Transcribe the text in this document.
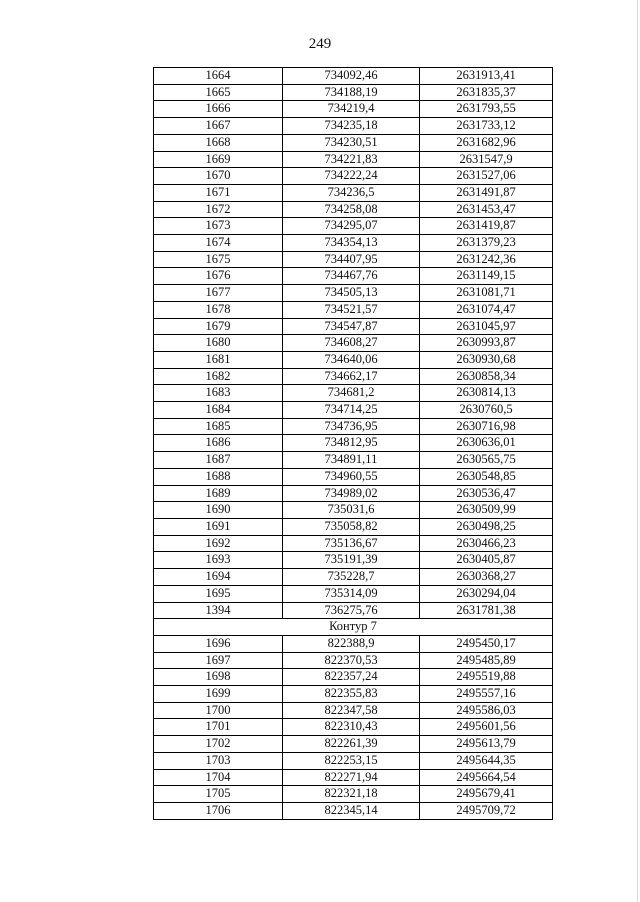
249
1664	734092,46	2631913,41
1665	734188,19	2631835,37
1666	734219,4	2631793,55
1667	734235,18	2631733,12
1668	734230,51	2631682,96
1669	734221,83	2631547,9
1670	734222,24	2631527,06
1671	734236,5	2631491,87
1672	734258,08	2631453,47
1673	734295,07	2631419,87
1674	734354,13	2631379,23
1675	734407,95	2631242,36
1676	734467,76	2631149,15
1677	734505,13	2631081,71
1678	734521,57	2631074,47
1679	734547,87	2631045,97
1680	734608,27	2630993,87
1681	734640,06	2630930,68
1682	734662,17	2630858,34
1683	734681,2	2630814,13
1684	734714,25	2630760,5
1685	734736,95	2630716,98
1686	734812,95	2630636,01
1687	734891,11	2630565,75
1688	734960,55	2630548,85
1689	734989,02	2630536,47
1690	735031,6	2630509,99
1691	735058,82	2630498,25
1692	735136,67	2630466,23
1693	735191,39	2630405,87
1694	735228,7	2630368,27
1695	735314,09	2630294,04
1394	736275,76	2631781,38
Контур 7		
1696	822388,9	2495450,17
1697	822370,53	2495485,89
1698	822357,24	2495519,88
1699	822355,83	2495557,16
1700	822347,58	2495586,03
1701	822310,43	2495601,56
1702	822261,39	2495613,79
1703	822253,15	2495644,35
1704	822271,94	2495664,54
1705	822321,18	2495679,41
1706	822345,14	2495709,72
